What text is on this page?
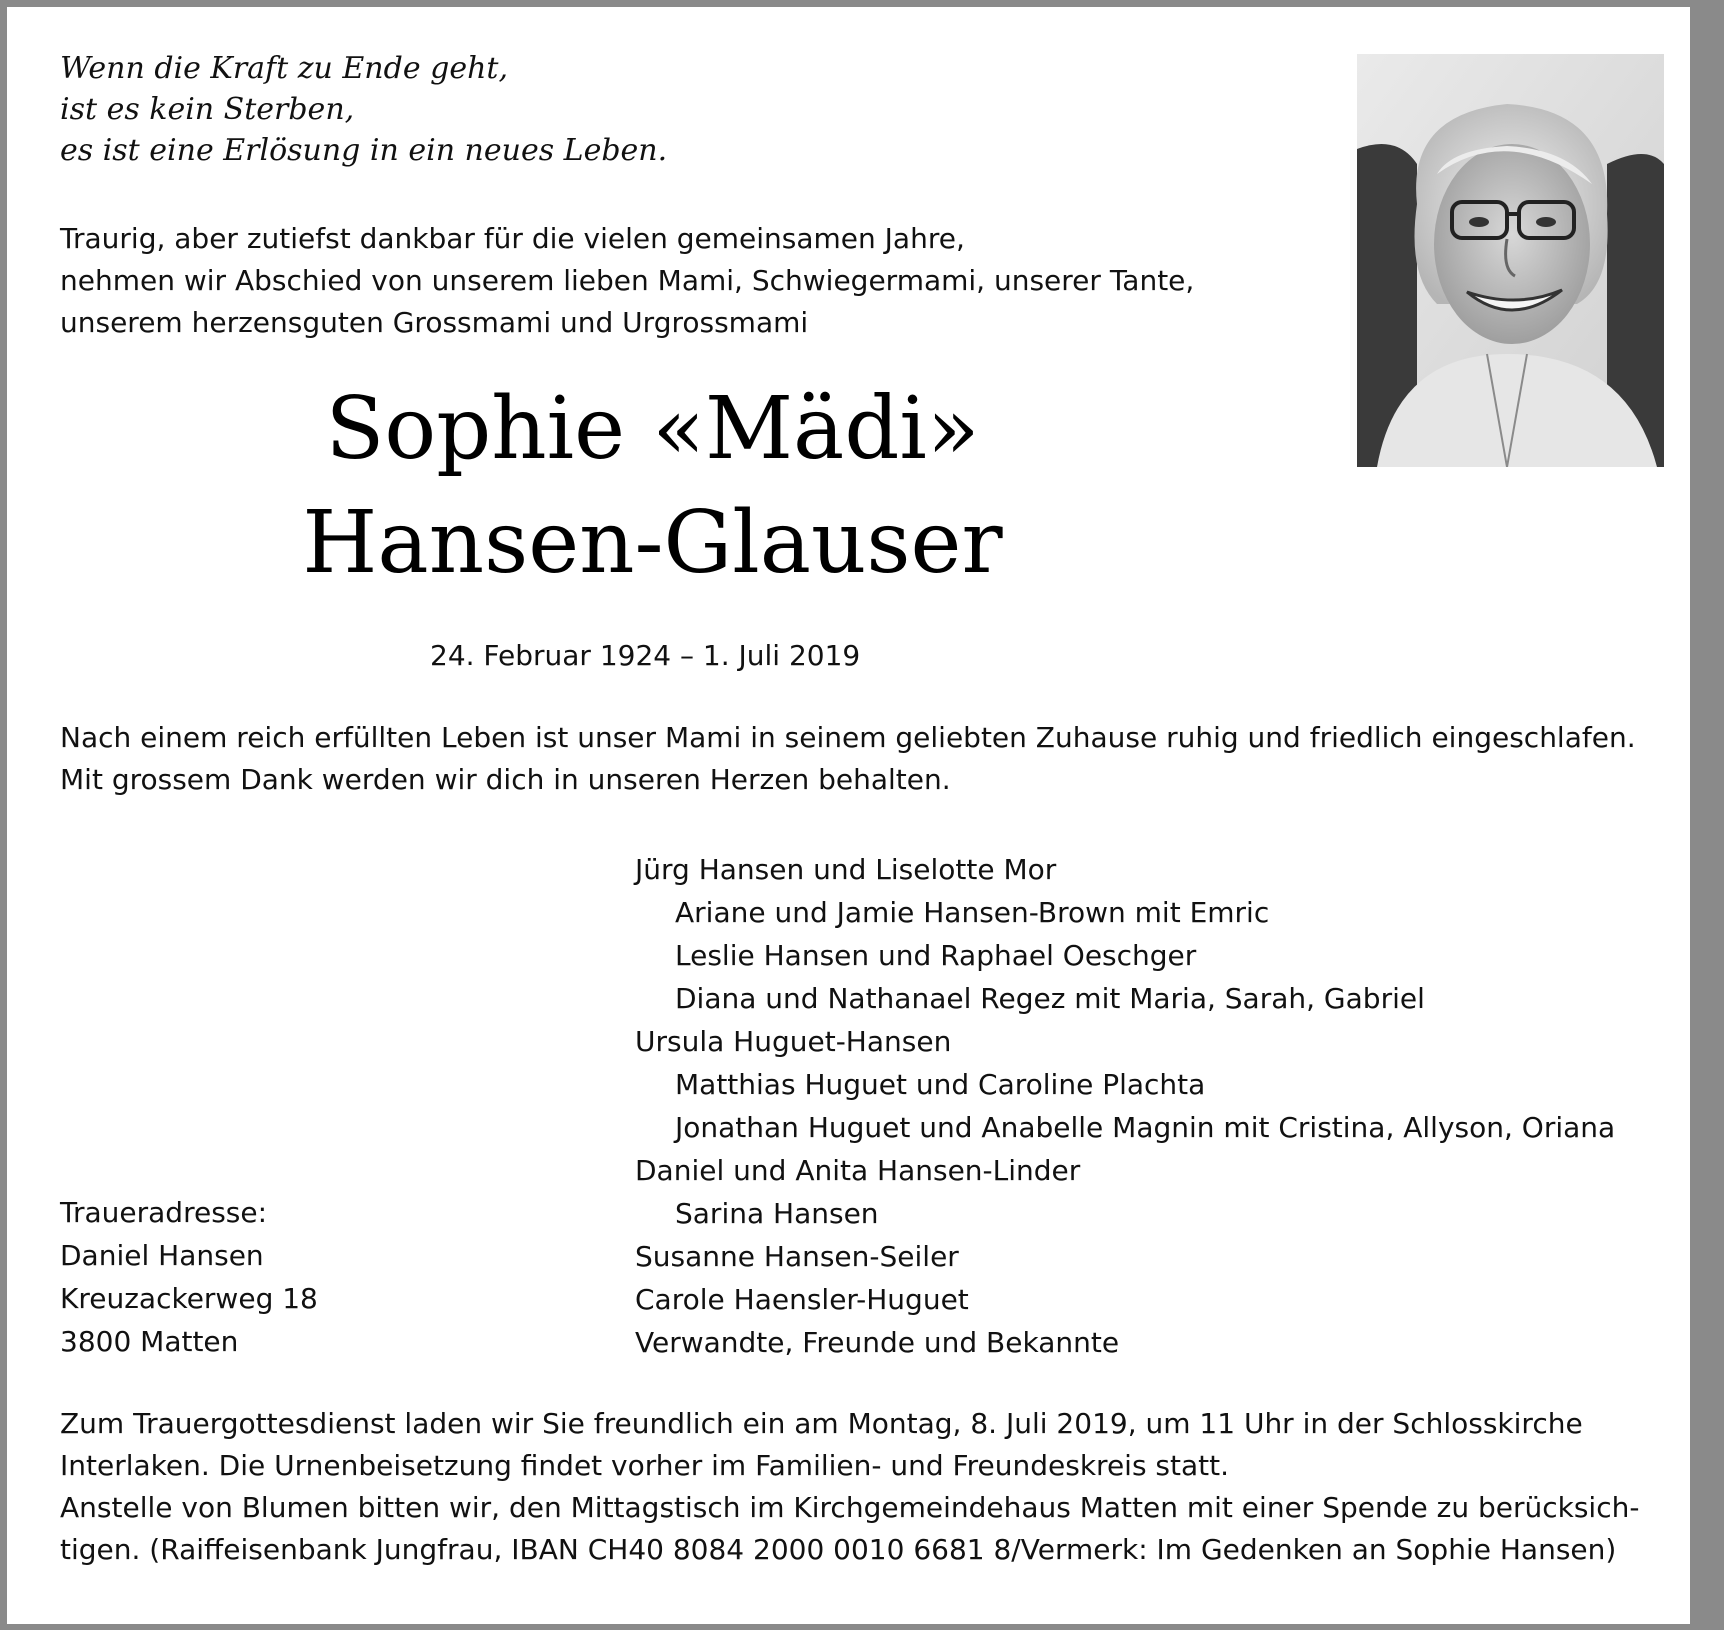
Wenn die Kraft zu Ende geht,
ist es kein Sterben,
es ist eine Erlösung in ein neues Leben.
Traurig, aber zutiefst dankbar für die vielen gemeinsamen Jahre,
nehmen wir Abschied von unserem lieben Mami, Schwiegermami, unserer Tante,
unserem herzensguten Grossmami und Urgrossmami
Sophie «Mädi»
Hansen-Glauser
24. Februar 1924 – 1. Juli 2019
Nach einem reich erfüllten Leben ist unser Mami in seinem geliebten Zuhause ruhig und friedlich eingeschlafen.
Mit grossem Dank werden wir dich in unseren Herzen behalten.
Jürg Hansen und Liselotte Mor
Ariane und Jamie Hansen-Brown mit Emric
Leslie Hansen und Raphael Oeschger
Diana und Nathanael Regez mit Maria, Sarah, Gabriel
Ursula Huguet-Hansen
Matthias Huguet und Caroline Plachta
Jonathan Huguet und Anabelle Magnin mit Cristina, Allyson, Oriana
Daniel und Anita Hansen-Linder
Sarina Hansen
Susanne Hansen-Seiler
Carole Haensler-Huguet
Verwandte, Freunde und Bekannte
Traueradresse:
Daniel Hansen
Kreuzackerweg 18
3800 Matten
Zum Trauergottesdienst laden wir Sie freundlich ein am Montag, 8. Juli 2019, um 11 Uhr in der Schlosskirche
Interlaken. Die Urnenbeisetzung findet vorher im Familien- und Freundeskreis statt.
Anstelle von Blumen bitten wir, den Mittagstisch im Kirchgemeindehaus Matten mit einer Spende zu berücksich-
tigen. (Raiffeisenbank Jungfrau, IBAN CH40 8084 2000 0010 6681 8/Vermerk: Im Gedenken an Sophie Hansen)
